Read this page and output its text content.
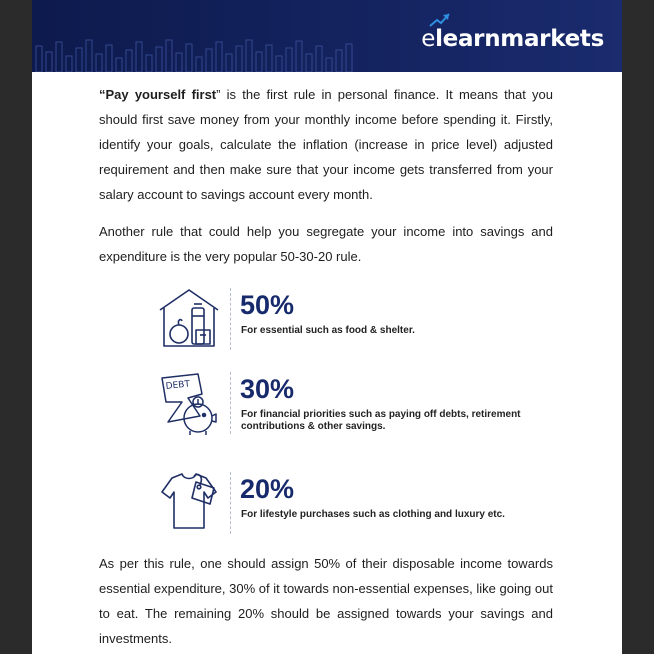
elearnmarkets

“Pay yourself first” is the first rule in personal finance. It means that you should first save money from your monthly income before spending it. Firstly, identify your goals, calculate the inflation (increase in price level) adjusted requirement and then make sure that your income gets transferred from your salary account to savings account every month.

Another rule that could help you segregate your income into savings and expenditure is the very popular 50-30-20 rule.

50%
For essential such as food & shelter.
DEBT 30%
For financial priorities such as paying off debts, retirement contributions & other savings.
20%
For lifestyle purchases such as clothing and luxury etc.

As per this rule, one should assign 50% of their disposable income towards essential expenditure, 30% of it towards non-essential expenses, like going out to eat. The remaining 20% should be assigned towards your savings and investments.
